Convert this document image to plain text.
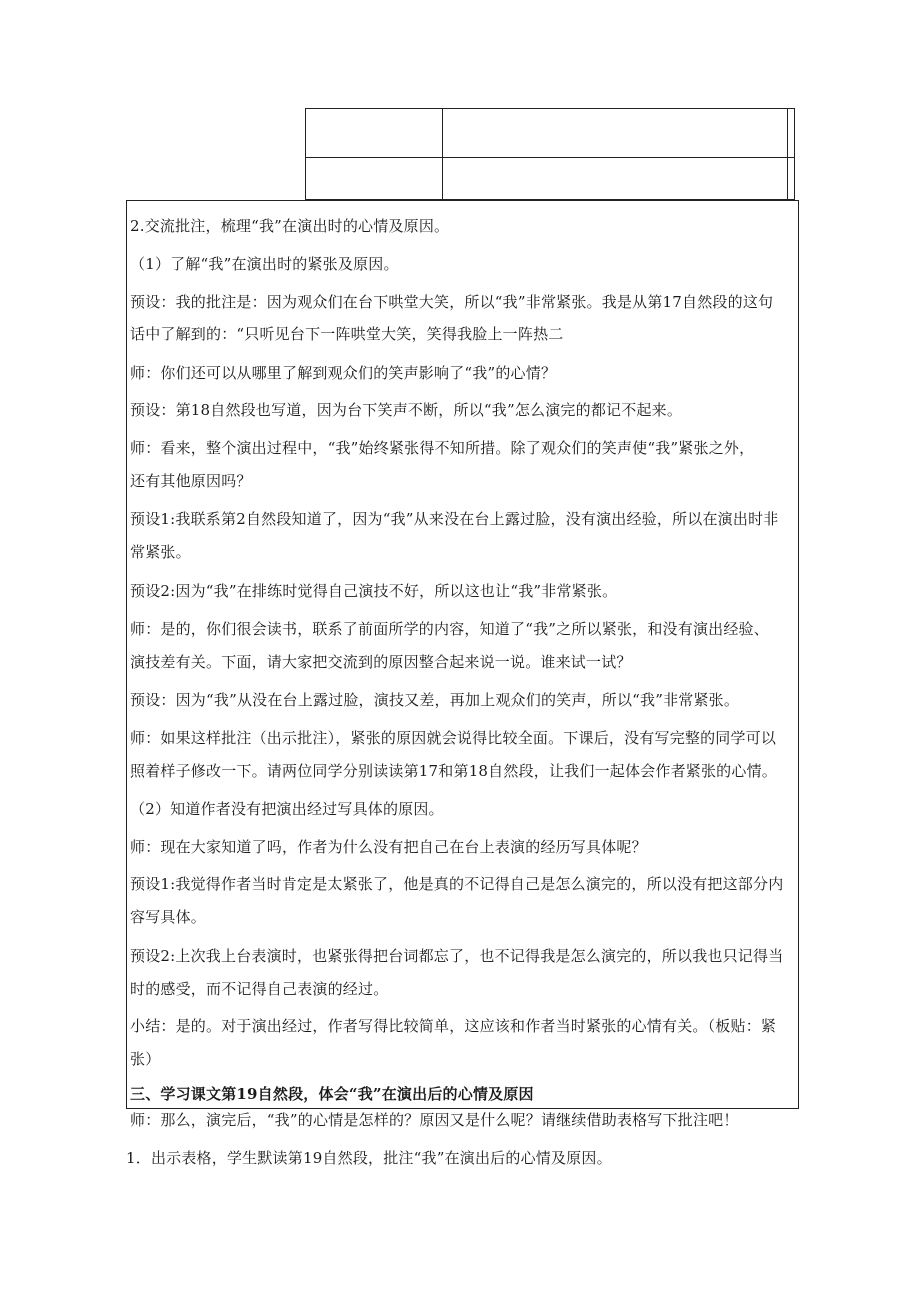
2.交流批注，梳理“我”在演出时的心情及原因。
（1）了解“我”在演出时的紧张及原因。
预设：我的批注是：因为观众们在台下哄堂大笑，所以“我”非常紧张。我是从第17自然段的这句
话中了解到的：“只听见台下一阵哄堂大笑，笑得我脸上一阵热二
师：你们还可以从哪里了解到观众们的笑声影响了“我”的心情？
预设：第18自然段也写道，因为台下笑声不断，所以“我”怎么演完的都记不起来。
师：看来，整个演出过程中，“我”始终紧张得不知所措。除了观众们的笑声使“我”紧张之外，
还有其他原因吗？
预设1:我联系第2自然段知道了，因为“我”从来没在台上露过脸，没有演出经验，所以在演出时非
常紧张。
预设2:因为“我”在排练时觉得自己演技不好，所以这也让“我”非常紧张。
师：是的，你们很会读书，联系了前面所学的内容，知道了“我”之所以紧张，和没有演出经验、
演技差有关。下面，请大家把交流到的原因整合起来说一说。谁来试一试？
预设：因为“我”从没在台上露过脸，演技又差，再加上观众们的笑声，所以“我”非常紧张。
师：如果这样批注（出示批注），紧张的原因就会说得比较全面。下课后，没有写完整的同学可以
照着样子修改一下。请两位同学分别读读第17和第18自然段，让我们一起体会作者紧张的心情。
（2）知道作者没有把演出经过写具体的原因。
师：现在大家知道了吗，作者为什么没有把自己在台上表演的经历写具体呢？
预设1:我觉得作者当时肯定是太紧张了，他是真的不记得自己是怎么演完的，所以没有把这部分内
容写具体。
预设2:上次我上台表演时，也紧张得把台词都忘了，也不记得我是怎么演完的，所以我也只记得当
时的感受，而不记得自己表演的经过。
小结：是的。对于演出经过，作者写得比较简单，这应该和作者当时紧张的心情有关。（板贴：紧
张）
三、学习课文第19自然段，体会“我”在演出后的心情及原因
师：那么，演完后，“我”的心情是怎样的？原因又是什么呢？请继续借助表格写下批注吧！
1．出示表格，学生默读第19自然段，批注“我”在演出后的心情及原因。
